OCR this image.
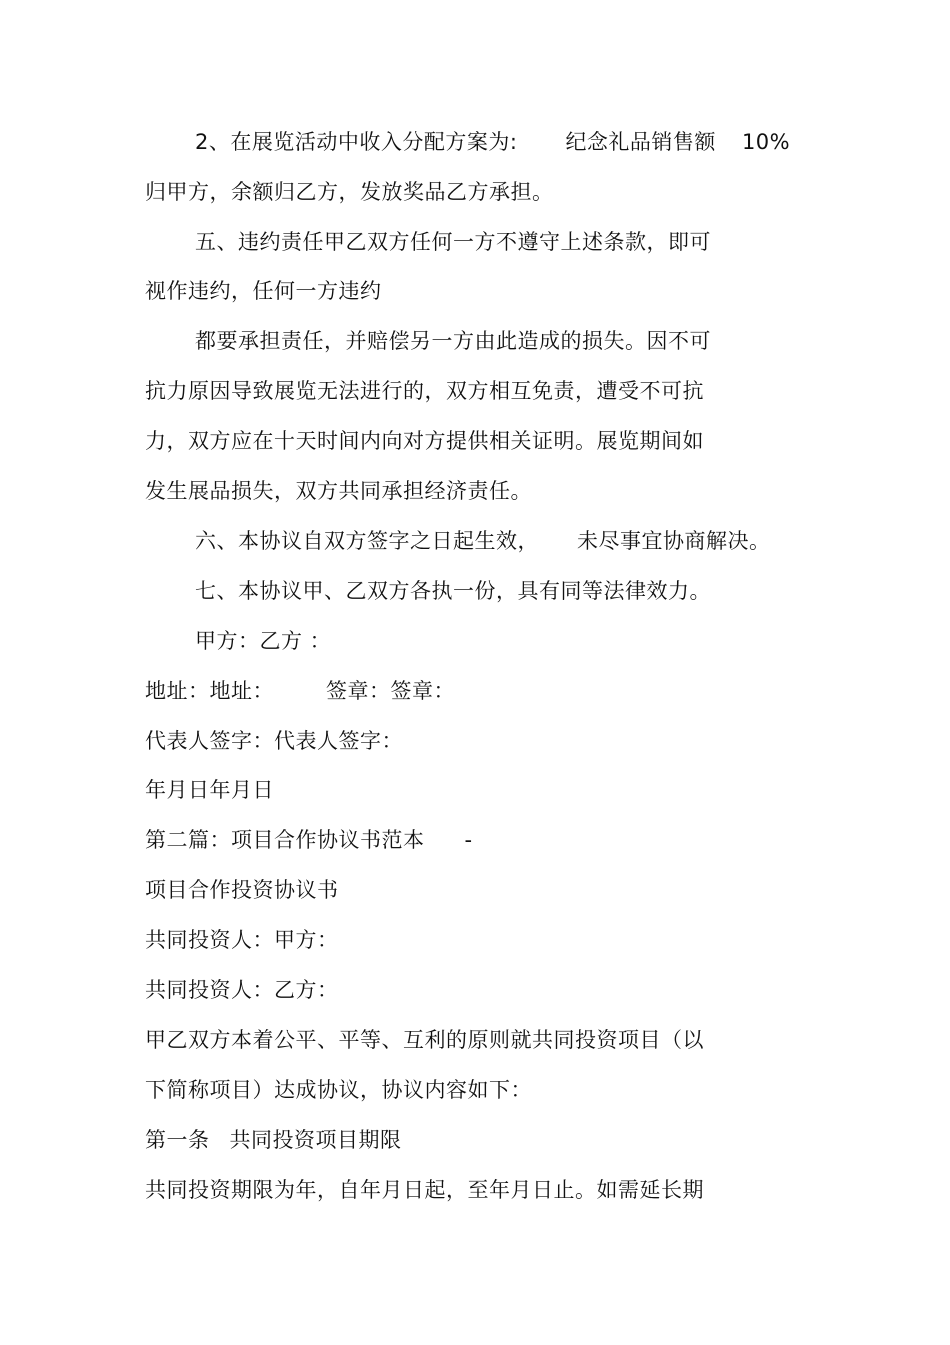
2、在展览活动中收入分配方案为: 纪念礼品销售额 10%
归甲方，余额归乙方，发放奖品乙方承担。
五、违约责任甲乙双方任何一方不遵守上述条款，即可
视作违约，任何一方违约
都要承担责任，并赔偿另一方由此造成的损失。因不可
抗力原因导致展览无法进行的，双方相互免责，遭受不可抗
力，双方应在十天时间内向对方提供相关证明。展览期间如
发生展品损失，双方共同承担经济责任。
六、本协议自双方签字之日起生效， 未尽事宜协商解决。
七、本协议甲、乙双方各执一份，具有同等法律效力。
甲方：乙方 ：
地址：地址： 签章：签章：
代表人签字：代表人签字：
年月日年月日
第二篇：项目合作协议书范本 -
项目合作投资协议书
共同投资人：甲方：
共同投资人：乙方：
甲乙双方本着公平、平等、互利的原则就共同投资项目（以
下简称项目）达成协议，协议内容如下：
第一条 共同投资项目期限
共同投资期限为年，自年月日起，至年月日止。如需延长期
